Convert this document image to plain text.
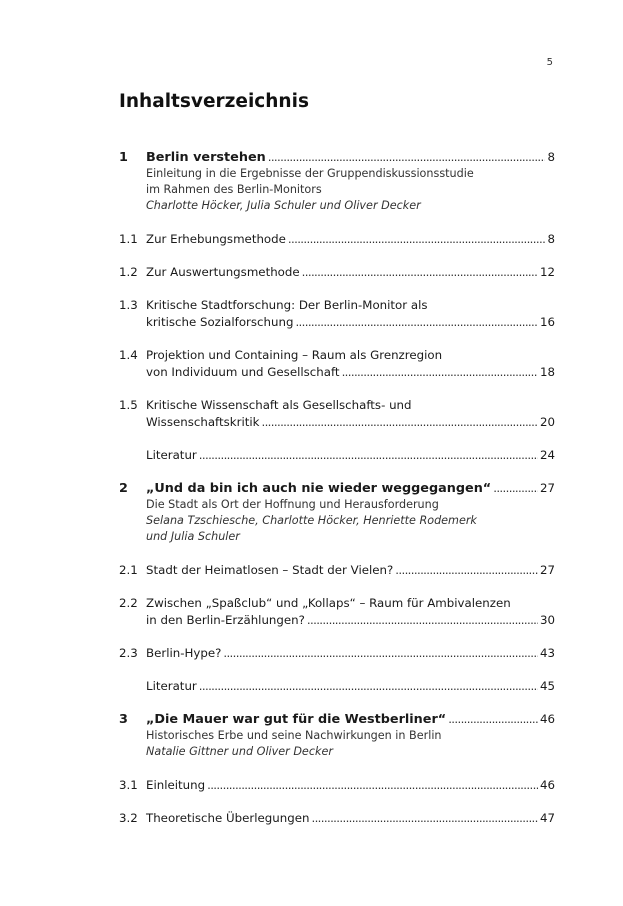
5
Inhaltsverzeichnis
1	Berlin verstehen . . .	8
Einleitung in die Ergebnisse der Gruppendiskussionsstudie
im Rahmen des Berlin-Monitors
Charlotte Höcker, Julia Schuler und Oliver Decker
1.1 Zur Erhebungsmethode . . .	8
1.2 Zur Auswertungsmethode . . .	12
1.3 Kritische Stadtforschung: Der Berlin-Monitor als
kritische Sozialforschung . . .	16
1.4 Projektion und Containing – Raum als Grenzregion
von Individuum und Gesellschaft . . .	18
1.5 Kritische Wissenschaft als Gesellschafts- und
Wissenschaftskritik . . .	20
Literatur . . .	24
2	„Und da bin ich auch nie wieder weggegangen“ . . .	27
Die Stadt als Ort der Hoffnung und Herausforderung
Selana Tzschiesche, Charlotte Höcker, Henriette Rodemerk
und Julia Schuler
2.1 Stadt der Heimatlosen – Stadt der Vielen? . . .	27
2.2 Zwischen „Spaßclub“ und „Kollaps“ – Raum für Ambivalenzen
in den Berlin-Erzählungen? . . .	30
2.3 Berlin-Hype? . . .	43
Literatur . . .	45
3	„Die Mauer war gut für die Westberliner“ . . .	46
Historisches Erbe und seine Nachwirkungen in Berlin
Natalie Gittner und Oliver Decker
3.1 Einleitung . . .	46
3.2 Theoretische Überlegungen . . .	47
